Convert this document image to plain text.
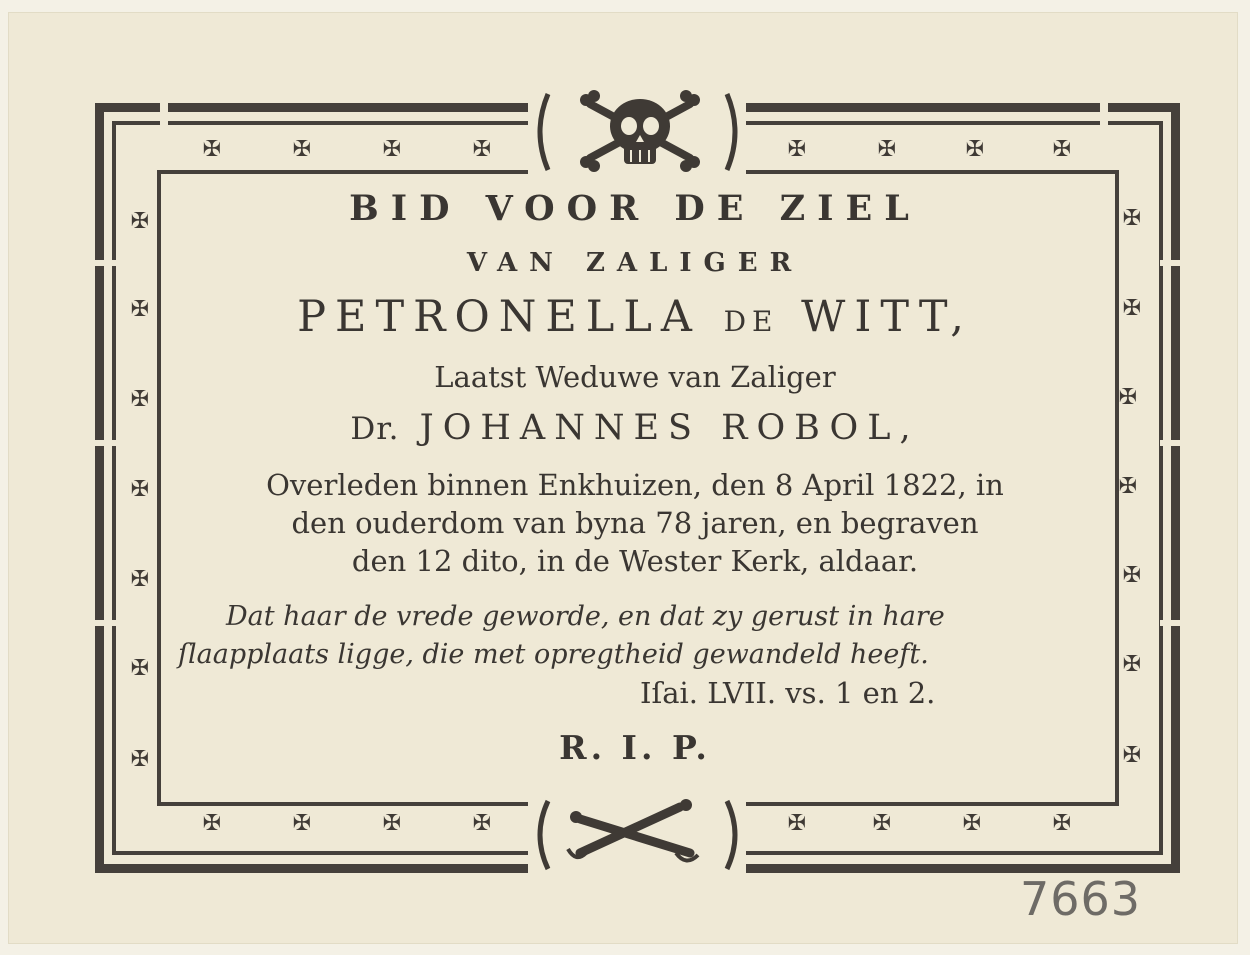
✠	✠	✠	✠	✠	✠	✠	✠
✠	✠	✠	✠	✠	✠	✠	✠
✠
✠
✠
✠
✠
✠
✠
✠
✠
✠
✠
✠
✠
✠
BID VOOR DE ZIEL
VAN ZALIGER
PETRONELLA DE WITT,
Laatst Weduwe van Zaliger
Dr. JOHANNES ROBOL,
Overleden binnen Enkhuizen, den 8 April 1822, in
den ouderdom van byna 78 jaren, en begraven
den 12 dito, in de Wester Kerk, aldaar.
Dat haar de vrede geworde, en dat zy gerust in hare
ſlaapplaats ligge, die met opregtheid gewandeld heeft.
Iſai. LVII. vs. 1 en 2.
R. I. P.
7663
